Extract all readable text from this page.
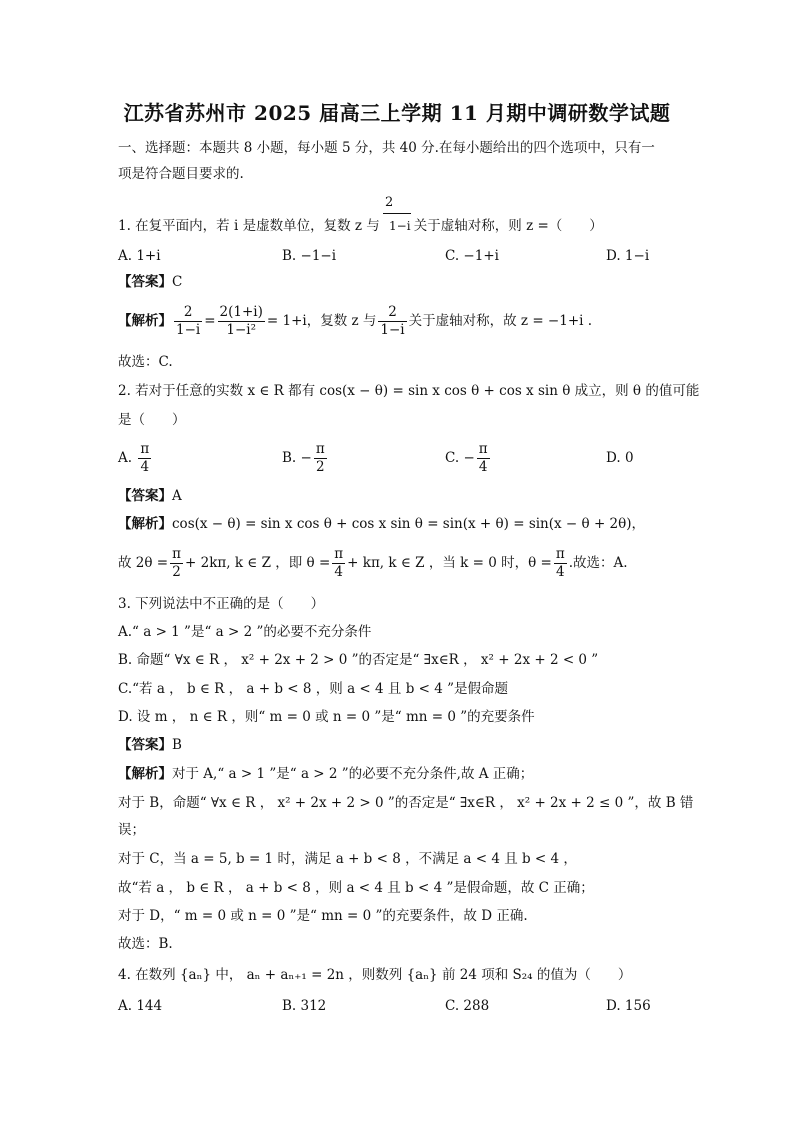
江苏省苏州市 2025 届高三上学期 11 月期中调研数学试题
一、选择题：本题共 8 小题，每小题 5 分，共 40 分.在每小题给出的四个选项中，只有一
项是符合题目要求的.
2
1. 在复平面内，若 i 是虚数单位，复数 z 与 1−i 关于虚轴对称，则 z =（　　）
A. 1+i	B. −1−i	C. −1+i	D. 1−i
【答案】C
【解析】 $\frac{2}{1-i} = \frac{2(1+i)}{\text{1−i²}} = 1+i$，复数 z 与 $\frac{2}{1-i}$ 关于虚轴对称，故 z = −1+i .
故选：C.
2. 若对于任意的实数 x ∈ R 都有 cos(x − θ) = sin x cos θ + cos x sin θ 成立，则 θ 的值可能
是（　　）
A. $\frac{\pi}{4}$	B. − $\frac{\pi}{2}$	C. − $\frac{\pi}{4}$	D. 0
【答案】A
【解析】cos(x − θ) = sin x cos θ + cos x sin θ = sin(x + θ) = sin(x − θ + 2θ)，
故 $2\theta = \frac{\pi}{2} + 2k\pi$, k ∈ Z ，即 $\theta = \frac{\pi}{4} + k\pi$, k ∈ Z ，当 k = 0 时，$\theta = \frac{\pi}{4}$ .故选：A.
3. 下列说法中不正确的是（　　）
A.“ a > 1 ”是“ a > 2 ”的必要不充分条件
B. 命题“ ∀x ∈ R ， x² + 2x + 2 > 0 ”的否定是“ ∃x∈R ， x² + 2x + 2 < 0 ”
C.“若 a ， b ∈ R ， a + b < 8 ，则 a < 4 且 b < 4 ”是假命题
D. 设 m ， n ∈ R ，则“ m = 0 或 n = 0 ”是“ mn = 0 ”的充要条件
【答案】B
【解析】对于 A,“ a > 1 ”是“ a > 2 ”的必要不充分条件,故 A 正确；
对于 B，命题“ ∀x ∈ R ， x² + 2x + 2 > 0 ”的否定是“ ∃x∈R ， x² + 2x + 2 ≤ 0 ”，故 B 错
误；
对于 C，当 a = 5, b = 1 时，满足 a + b < 8 ，不满足 a < 4 且 b < 4 ，
故“若 a ， b ∈ R ， a + b < 8 ，则 a < 4 且 b < 4 ”是假命题，故 C 正确；
对于 D，“ m = 0 或 n = 0 ”是“ mn = 0 ”的充要条件，故 D 正确.
故选：B.
4. 在数列 {aₙ} 中， aₙ + aₙ₊₁ = 2n ，则数列 {aₙ} 前 24 项和 S₂₄ 的值为（　　）
A. 144	B. 312	C. 288	D. 156
